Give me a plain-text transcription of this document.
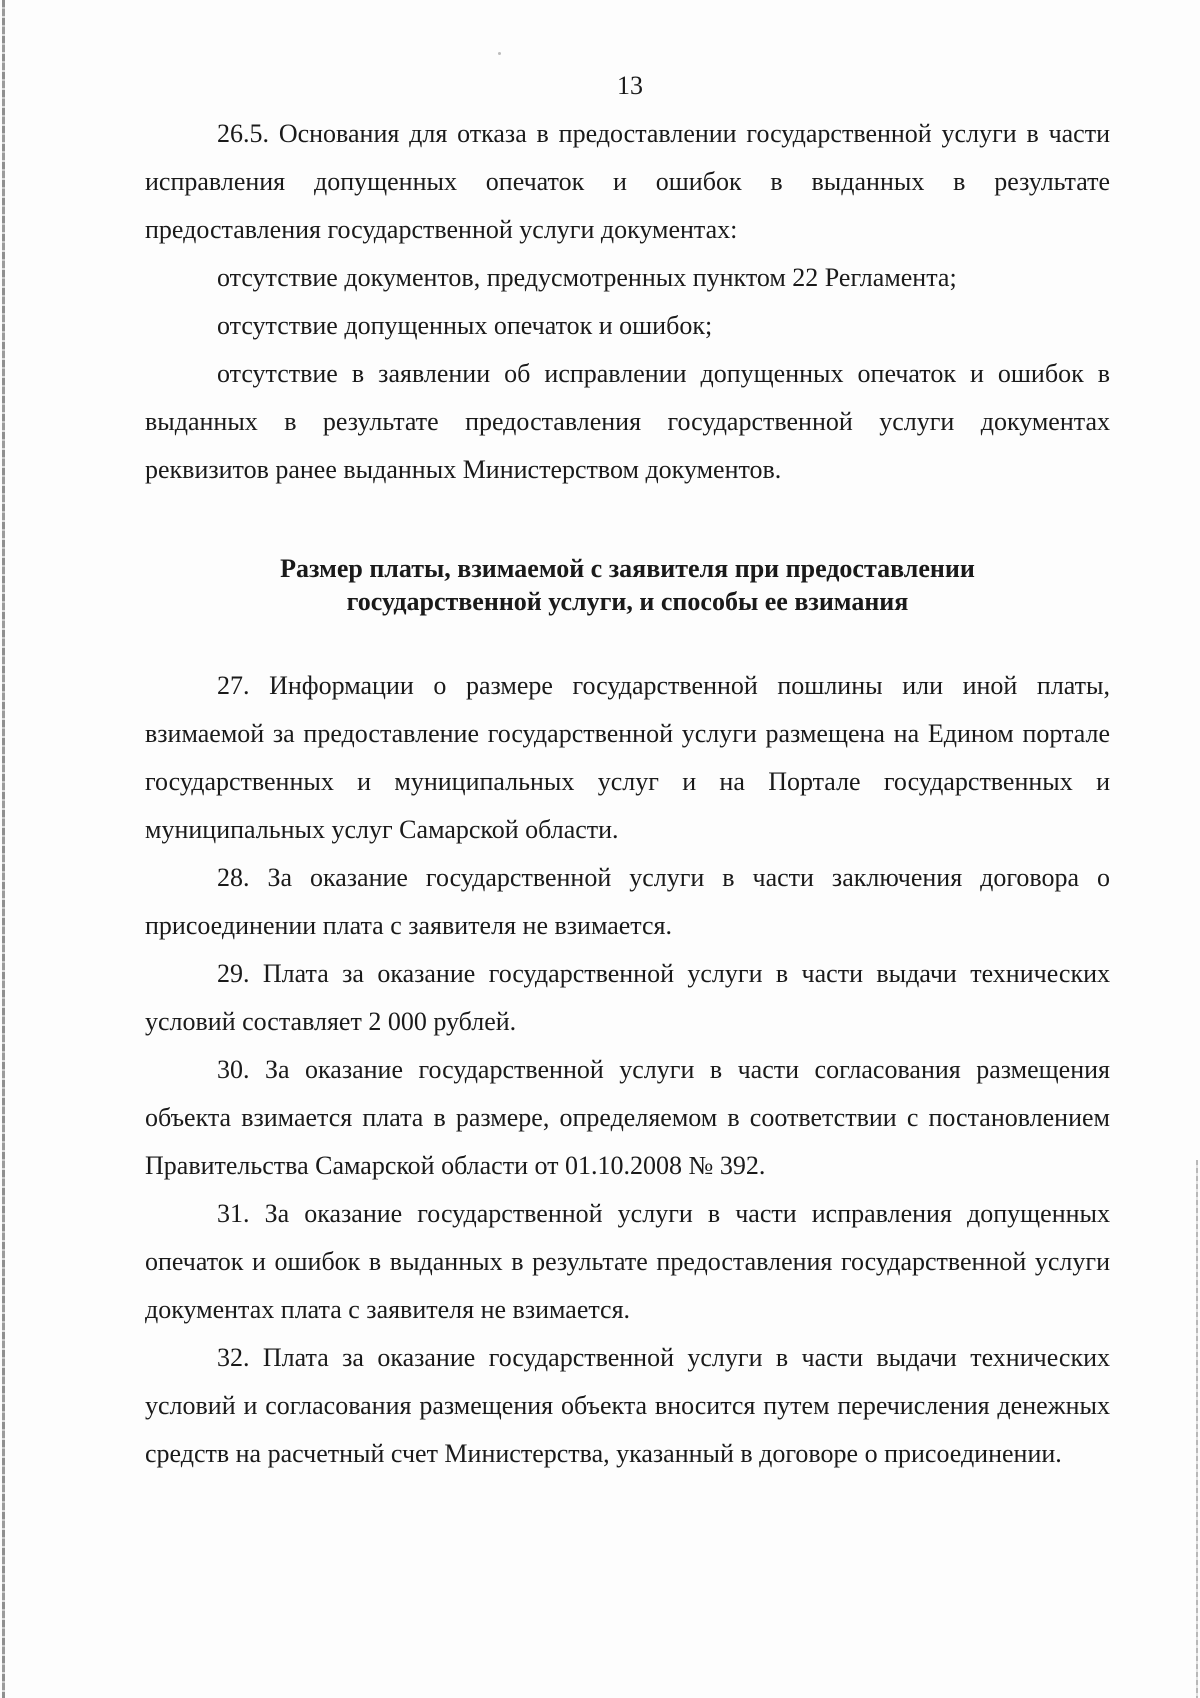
13

26.5. Основания для отказа в предоставлении государственной услуги в части исправления допущенных опечаток и ошибок в выданных в результате предоставления государственной услуги документах:

отсутствие документов, предусмотренных пунктом 22 Регламента;

отсутствие допущенных опечаток и ошибок;

отсутствие в заявлении об исправлении допущенных опечаток и ошибок в выданных в результате предоставления государственной услуги документах реквизитов ранее выданных Министерством документов.

Размер платы, взимаемой с заявителя при предоставлении
государственной услуги, и способы ее взимания

27. Информации о размере государственной пошлины или иной платы, взимаемой за предоставление государственной услуги размещена на Едином портале государственных и муниципальных услуг и на Портале государственных и муниципальных услуг Самарской области.

28. За оказание государственной услуги в части заключения договора о присоединении плата с заявителя не взимается.

29. Плата за оказание государственной услуги в части выдачи технических условий составляет 2 000 рублей.

30. За оказание государственной услуги в части согласования размещения объекта взимается плата в размере, определяемом в соответствии с постановлением Правительства Самарской области от 01.10.2008 № 392.

31. За оказание государственной услуги в части исправления допущенных опечаток и ошибок в выданных в результате предоставления государственной услуги документах плата с заявителя не взимается.

32. Плата за оказание государственной услуги в части выдачи технических условий и согласования размещения объекта вносится путем перечисления денежных средств на расчетный счет Министерства, указанный в договоре о присоединении.
